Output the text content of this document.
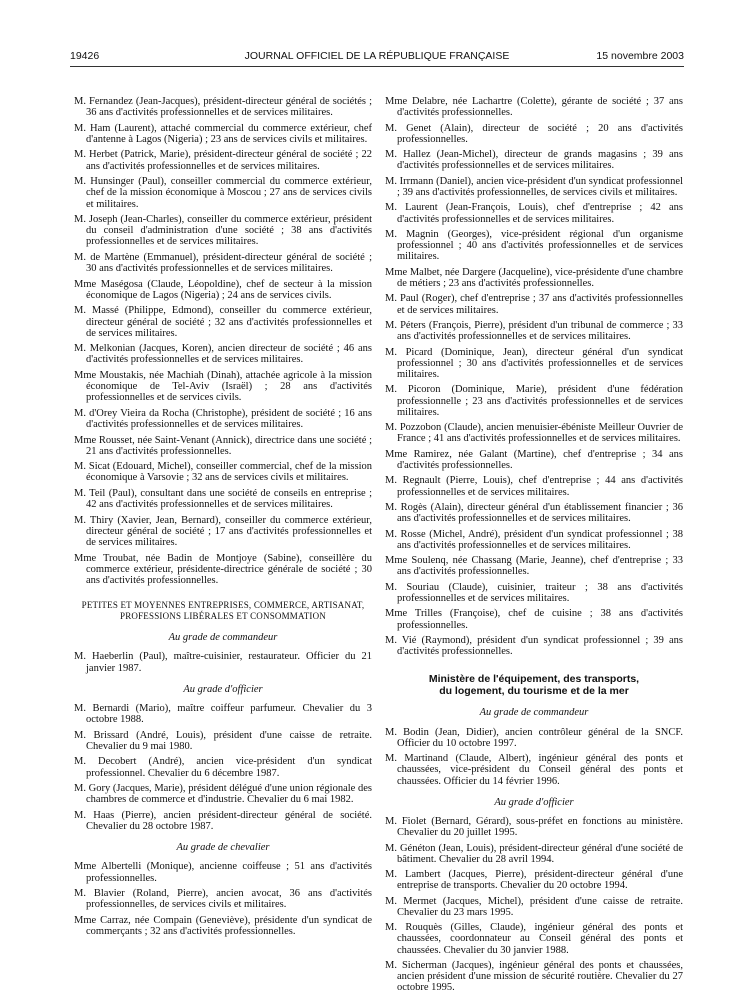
19426	JOURNAL OFFICIEL DE LA RÉPUBLIQUE FRANÇAISE	15 novembre 2003

M. Fernandez (Jean-Jacques), président-directeur général de sociétés ; 36 ans d'activités professionnelles et de services militaires.

M. Ham (Laurent), attaché commercial du commerce extérieur, chef d'antenne à Lagos (Nigeria) ; 23 ans de services civils et militaires.

M. Herbet (Patrick, Marie), président-directeur général de société ; 22 ans d'activités professionnelles et de services militaires.

M. Hunsinger (Paul), conseiller commercial du commerce extérieur, chef de la mission économique à Moscou ; 27 ans de services civils et militaires.

M. Joseph (Jean-Charles), conseiller du commerce extérieur, président du conseil d'administration d'une société ; 38 ans d'activités professionnelles et de services militaires.

M. de Martène (Emmanuel), président-directeur général de société ; 30 ans d'activités professionnelles et de services militaires.

Mme Maségosa (Claude, Léopoldine), chef de secteur à la mission économique de Lagos (Nigeria) ; 24 ans de services civils.

M. Massé (Philippe, Edmond), conseiller du commerce extérieur, directeur général de société ; 32 ans d'activités professionnelles et de services militaires.

M. Melkonian (Jacques, Koren), ancien directeur de société ; 46 ans d'activités professionnelles et de services militaires.

Mme Moustakis, née Machiah (Dinah), attachée agricole à la mission économique de Tel-Aviv (Israël) ; 28 ans d'activités professionnelles et de services civils.

M. d'Orey Vieira da Rocha (Christophe), président de société ; 16 ans d'activités professionnelles et de services militaires.

Mme Rousset, née Saint-Venant (Annick), directrice dans une société ; 21 ans d'activités professionnelles.

M. Sicat (Edouard, Michel), conseiller commercial, chef de la mission économique à Varsovie ; 32 ans de services civils et militaires.

M. Teil (Paul), consultant dans une société de conseils en entreprise ; 42 ans d'activités professionnelles et de services militaires.

M. Thiry (Xavier, Jean, Bernard), conseiller du commerce extérieur, directeur général de société ; 17 ans d'activités professionnelles et de services militaires.

Mme Troubat, née Badin de Montjoye (Sabine), conseillère du commerce extérieur, présidente-directrice générale de société ; 30 ans d'activités professionnelles.

PETITES ET MOYENNES ENTREPRISES, COMMERCE, ARTISANAT, PROFESSIONS LIBÉRALES ET CONSOMMATION
Au grade de commandeur

M. Haeberlin (Paul), maître-cuisinier, restaurateur. Officier du 21 janvier 1987.

Au grade d'officier

M. Bernardi (Mario), maître coiffeur parfumeur. Chevalier du 3 octobre 1988.

M. Brissard (André, Louis), président d'une caisse de retraite. Chevalier du 9 mai 1980.

M. Decobert (André), ancien vice-président d'un syndicat professionnel. Chevalier du 6 décembre 1987.

M. Gory (Jacques, Marie), président délégué d'une union régionale des chambres de commerce et d'industrie. Chevalier du 6 mai 1982.

M. Haas (Pierre), ancien président-directeur général de société. Chevalier du 28 octobre 1987.

Au grade de chevalier

Mme Albertelli (Monique), ancienne coiffeuse ; 51 ans d'activités professionnelles.

M. Blavier (Roland, Pierre), ancien avocat, 36 ans d'activités professionnelles, de services civils et militaires.

Mme Carraz, née Compain (Geneviève), présidente d'un syndicat de commerçants ; 32 ans d'activités professionnelles.

Mme Delabre, née Lachartre (Colette), gérante de société ; 37 ans d'activités professionnelles.

M. Genet (Alain), directeur de société ; 20 ans d'activités professionnelles.

M. Hallez (Jean-Michel), directeur de grands magasins ; 39 ans d'activités professionnelles et de services militaires.

M. Irrmann (Daniel), ancien vice-président d'un syndicat professionnel ; 39 ans d'activités professionnelles, de services civils et militaires.

M. Laurent (Jean-François, Louis), chef d'entreprise ; 42 ans d'activités professionnelles et de services militaires.

M. Magnin (Georges), vice-président régional d'un organisme professionnel ; 40 ans d'activités professionnelles et de services militaires.

Mme Malbet, née Dargere (Jacqueline), vice-présidente d'une chambre de métiers ; 23 ans d'activités professionnelles.

M. Paul (Roger), chef d'entreprise ; 37 ans d'activités professionnelles et de services militaires.

M. Péters (François, Pierre), président d'un tribunal de commerce ; 33 ans d'activités professionnelles et de services militaires.

M. Picard (Dominique, Jean), directeur général d'un syndicat professionnel ; 30 ans d'activités professionnelles et de services militaires.

M. Picoron (Dominique, Marie), président d'une fédération professionnelle ; 23 ans d'activités professionnelles et de services militaires.

M. Pozzobon (Claude), ancien menuisier-ébéniste Meilleur Ouvrier de France ; 41 ans d'activités professionnelles et de services militaires.

Mme Ramirez, née Galant (Martine), chef d'entreprise ; 34 ans d'activités professionnelles.

M. Regnault (Pierre, Louis), chef d'entreprise ; 44 ans d'activités professionnelles et de services militaires.

M. Rogès (Alain), directeur général d'un établissement financier ; 36 ans d'activités professionnelles et de services militaires.

M. Rosse (Michel, André), président d'un syndicat professionnel ; 38 ans d'activités professionnelles et de services militaires.

Mme Soulenq, née Chassang (Marie, Jeanne), chef d'entreprise ; 33 ans d'activités professionnelles.

M. Souriau (Claude), cuisinier, traiteur ; 38 ans d'activités professionnelles et de services militaires.

Mme Trilles (Françoise), chef de cuisine ; 38 ans d'activités professionnelles.

M. Vié (Raymond), président d'un syndicat professionnel ; 39 ans d'activités professionnelles.

Ministère de l'équipement, des transports,
du logement, du tourisme et de la mer
Au grade de commandeur

M. Bodin (Jean, Didier), ancien contrôleur général de la SNCF. Officier du 10 octobre 1997.

M. Martinand (Claude, Albert), ingénieur général des ponts et chaussées, vice-président du Conseil général des ponts et chaussées. Officier du 14 février 1996.

Au grade d'officier

M. Fiolet (Bernard, Gérard), sous-préfet en fonctions au ministère. Chevalier du 20 juillet 1995.

M. Généton (Jean, Louis), président-directeur général d'une société de bâtiment. Chevalier du 28 avril 1994.

M. Lambert (Jacques, Pierre), président-directeur général d'une entreprise de transports. Chevalier du 20 octobre 1994.

M. Mermet (Jacques, Michel), président d'une caisse de retraite. Chevalier du 23 mars 1995.

M. Rouquès (Gilles, Claude), ingénieur général des ponts et chaussées, coordonnateur au Conseil général des ponts et chaussées. Chevalier du 30 janvier 1988.

M. Sicherman (Jacques), ingénieur général des ponts et chaussées, ancien président d'une mission de sécurité routière. Chevalier du 27 octobre 1995.
